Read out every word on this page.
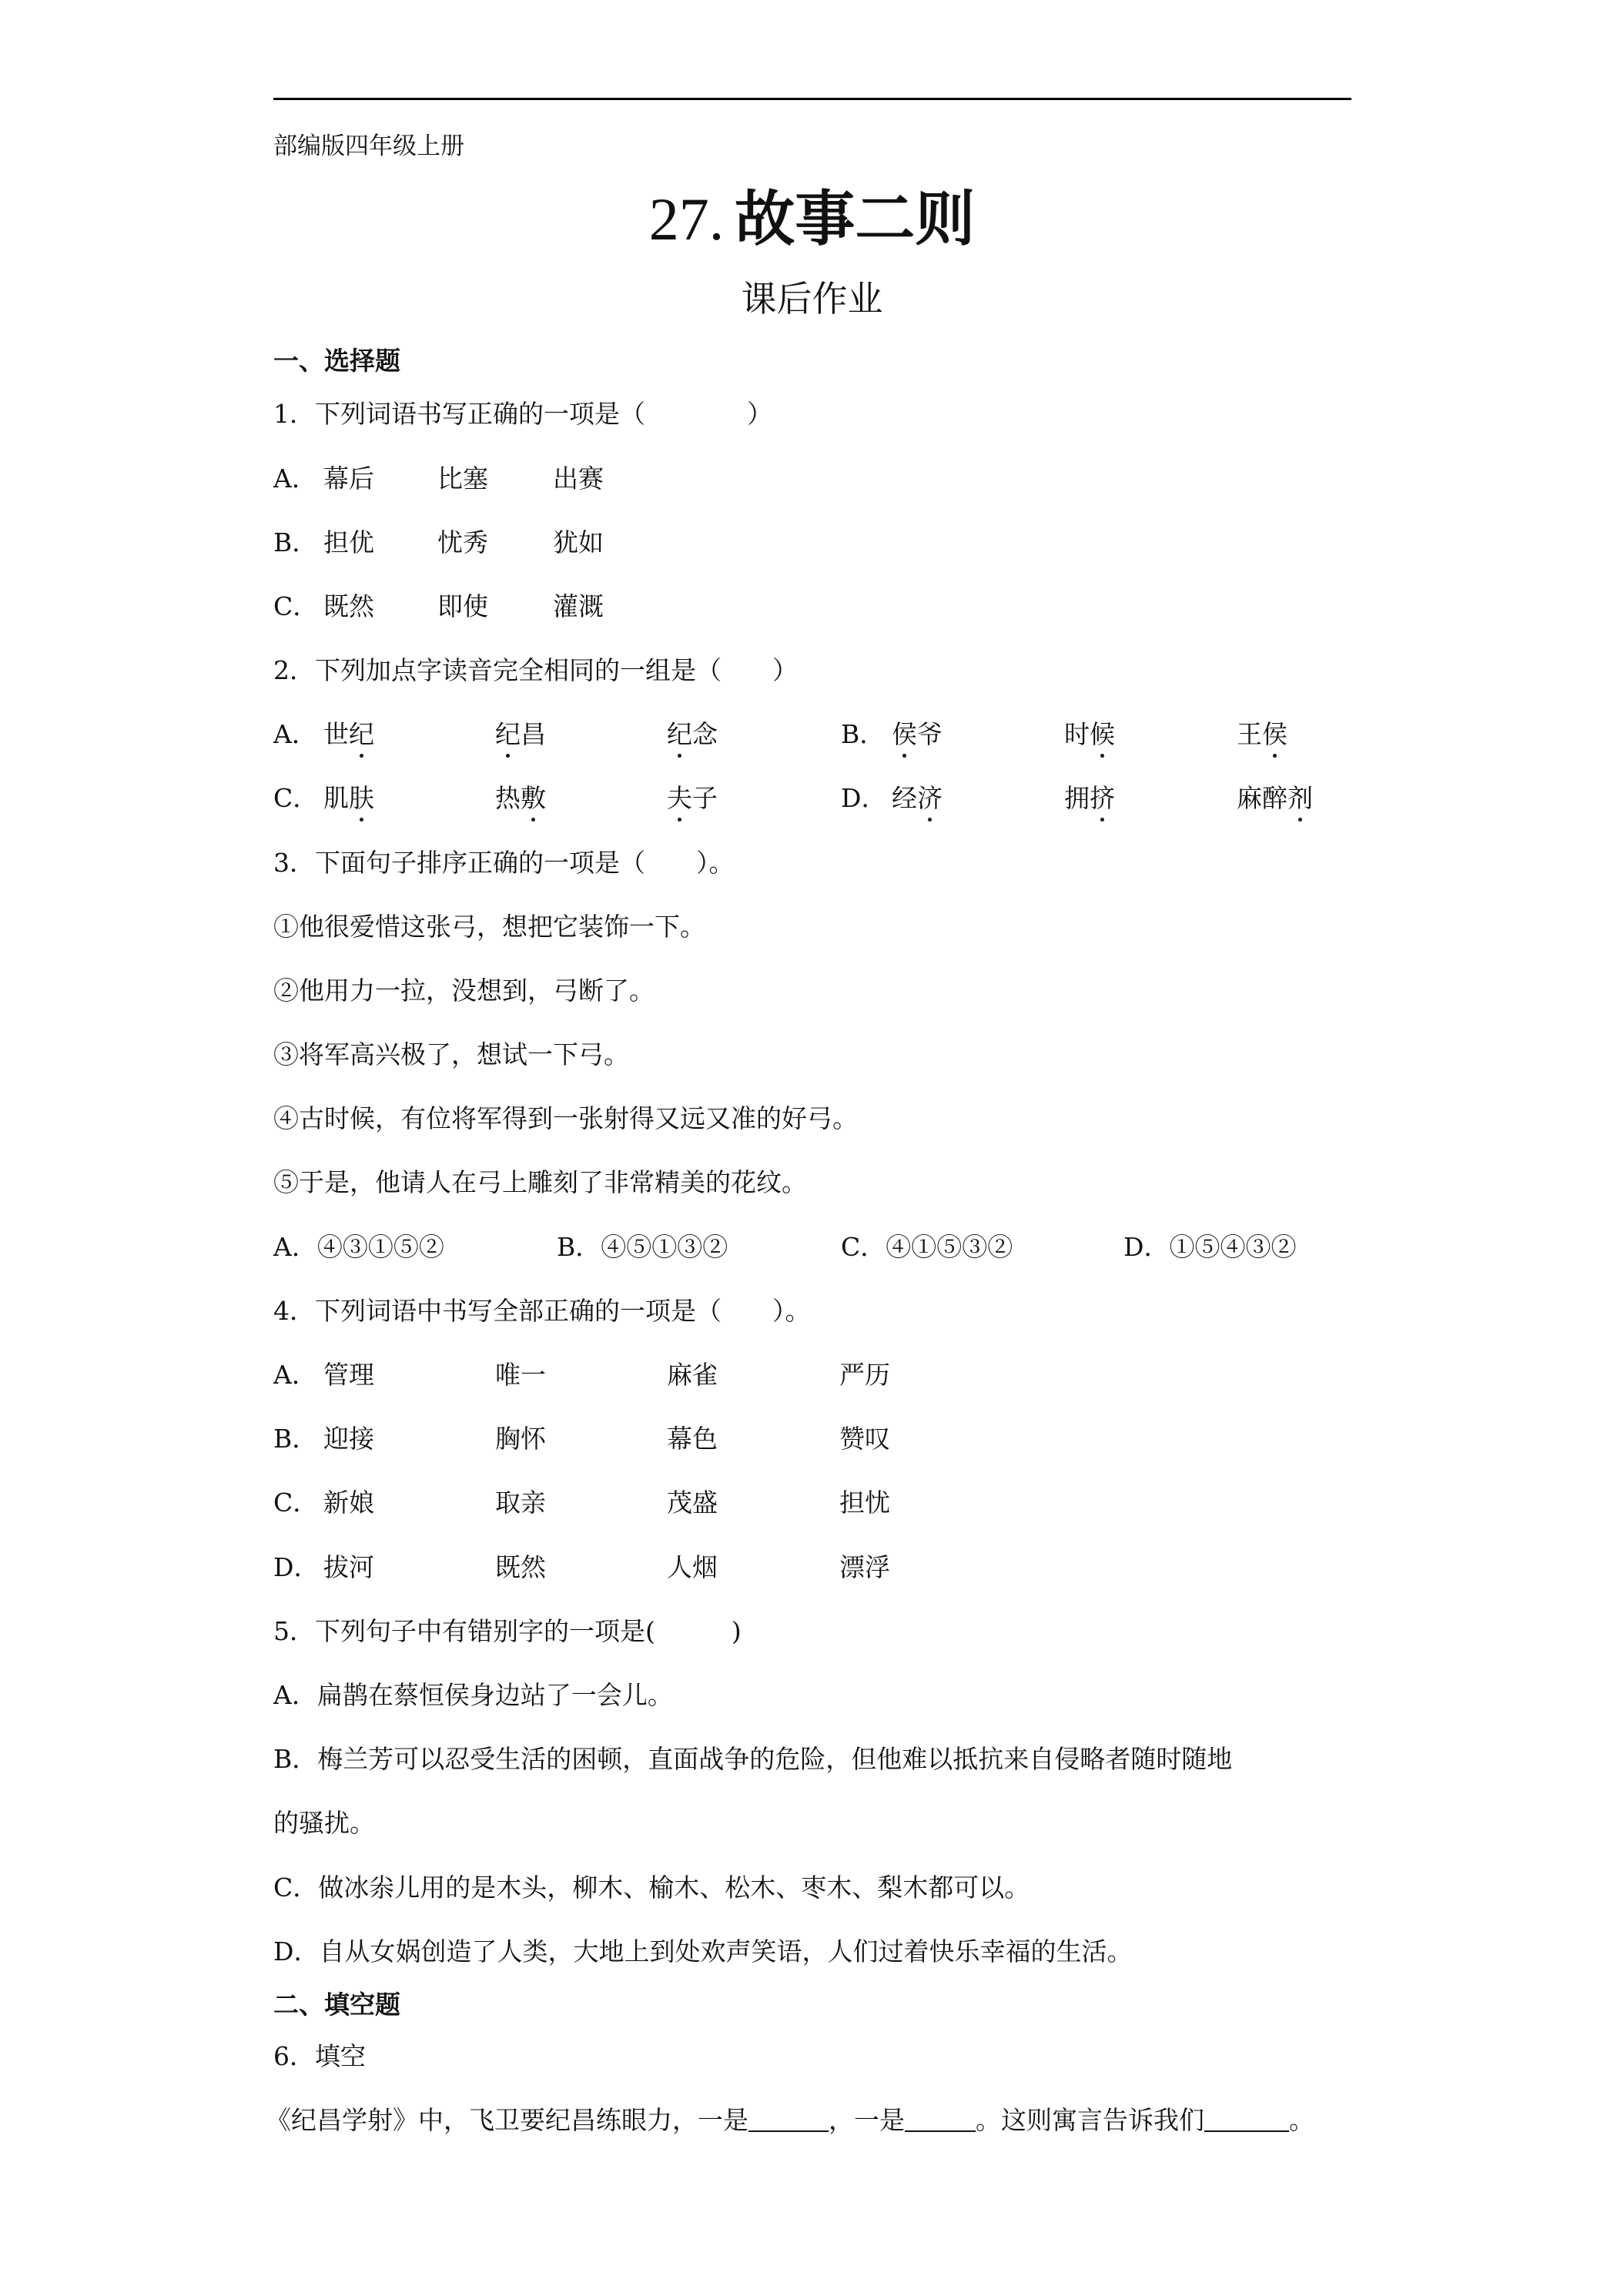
部编版四年级上册
27. 故事二则
课后作业
一、选择题
1．下列词语书写正确的一项是（　　　　）
A． 幕后 比塞	出赛
B． 担优 忧秀	犹如
C． 既然 即使	灌溉
2．下列加点字读音完全相同的一组是（　　）
A． 世纪	纪昌	纪念	B． 侯爷	时候	王侯
C． 肌肤	热敷	夫子	D． 经济	拥挤	麻醉剂
3．下面句子排序正确的一项是（　　）。
①他很爱惜这张弓，想把它装饰一下。
②他用力一拉，没想到，弓断了。
③将军高兴极了，想试一下弓。
④古时候，有位将军得到一张射得又远又准的好弓。
⑤于是，他请人在弓上雕刻了非常精美的花纹。
A．④③①⑤②	B．④⑤①③②	C．④①⑤③②	D．①⑤④③②
4．下列词语中书写全部正确的一项是（　　）。
A． 管理	唯一	麻雀	严历
B． 迎接	胸怀	幕色	赞叹
C． 新娘	取亲	茂盛	担忧
D． 拔河	既然	人烟	漂浮
5．下列句子中有错别字的一项是(　　　)
A．扁鹊在蔡恒侯身边站了一会儿。
B．梅兰芳可以忍受生活的困顿，直面战争的危险，但他难以抵抗来自侵略者随时随地
的骚扰。
C．做冰尜儿用的是木头，柳木、榆木、松木、枣木、梨木都可以。
D．自从女娲创造了人类，大地上到处欢声笑语，人们过着快乐幸福的生活。
二、填空题
6．填空
《纪昌学射》中，飞卫要纪昌练眼力，一是	，一是	。这则寓言告诉我们	。
